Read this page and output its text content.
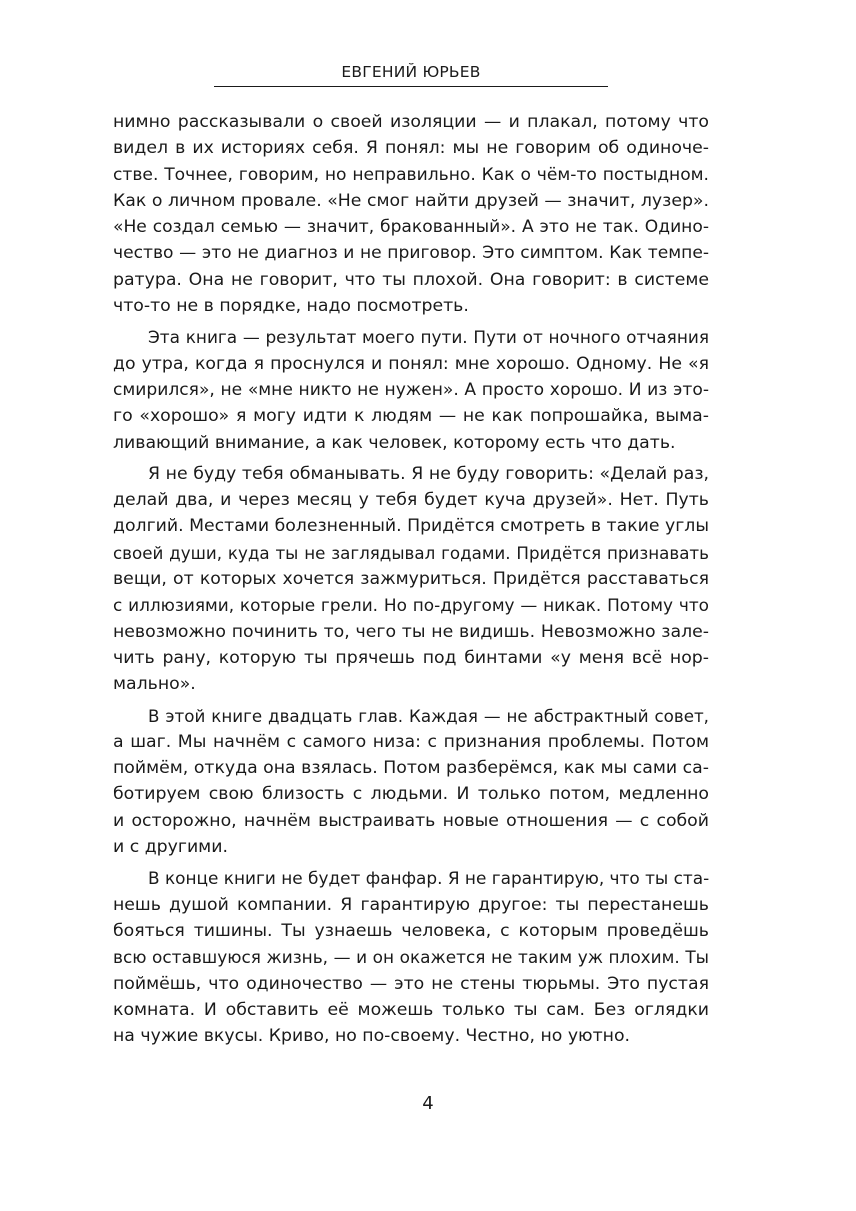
ЕВГЕНИЙ ЮРЬЕВ
нимно рассказывали о своей изоляции — и плакал, потому что
видел в их историях себя. Я понял: мы не говорим об одиноче-
стве. Точнее, говорим, но неправильно. Как о чём-то постыдном.
Как о личном провале. «Не смог найти друзей — значит, лузер».
«Не создал семью — значит, бракованный». А это не так. Одино-
чество — это не диагноз и не приговор. Это симптом. Как темпе-
ратура. Она не говорит, что ты плохой. Она говорит: в системе
что-то не в порядке, надо посмотреть.
Эта книга — результат моего пути. Пути от ночного отчаяния
до утра, когда я проснулся и понял: мне хорошо. Одному. Не «я
смирился», не «мне никто не нужен». А просто хорошо. И из это-
го «хорошо» я могу идти к людям — не как попрошайка, выма-
ливающий внимание, а как человек, которому есть что дать.
Я не буду тебя обманывать. Я не буду говорить: «Делай раз,
делай два, и через месяц у тебя будет куча друзей». Нет. Путь
долгий. Местами болезненный. Придётся смотреть в такие углы
своей души, куда ты не заглядывал годами. Придётся признавать
вещи, от которых хочется зажмуриться. Придётся расставаться
с иллюзиями, которые грели. Но по-другому — никак. Потому что
невозможно починить то, чего ты не видишь. Невозможно зале-
чить рану, которую ты прячешь под бинтами «у меня всё нор-
мально».
В этой книге двадцать глав. Каждая — не абстрактный совет,
а шаг. Мы начнём с самого низа: с признания проблемы. Потом
поймём, откуда она взялась. Потом разберёмся, как мы сами са-
ботируем свою близость с людьми. И только потом, медленно
и осторожно, начнём выстраивать новые отношения — с собой
и с другими.
В конце книги не будет фанфар. Я не гарантирую, что ты ста-
нешь душой компании. Я гарантирую другое: ты перестанешь
бояться тишины. Ты узнаешь человека, с которым проведёшь
всю оставшуюся жизнь, — и он окажется не таким уж плохим. Ты
поймёшь, что одиночество — это не стены тюрьмы. Это пустая
комната. И обставить её можешь только ты сам. Без оглядки
на чужие вкусы. Криво, но по-своему. Честно, но уютно.
4
